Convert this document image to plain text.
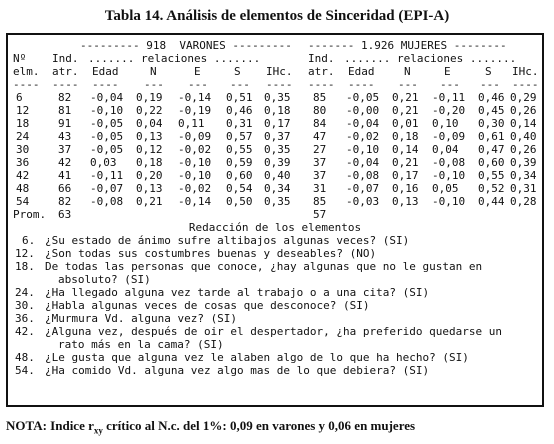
Tabla 14. Análisis de elementos de Sinceridad (EPI-A)
--------- 918  VARONES --------- ------- 1.926 MUJERES --------
Nº Ind. ....... relaciones .......	Ind. ....... relaciones .......
elm. atr. Edad	N	E	S IHc. atr. Edad	N	E	S IHc.
---- ---- ---- --- --- --- ---- ---- ---- --- --- --- ----
6	82 -0,04 0,19 -0,14 0,51 0,35 85 -0,05 0,21 -0,11 0,46 0,29
12	81 -0,10 0,22 -0,19 0,46 0,18 80 -0,00 0,21 -0,20 0,45 0,26
18	91 -0,05 0,04 0,11 0,31 0,17 84 -0,04 0,01 0,10 0,30 0,14
24	43 -0,05 0,13 -0,09 0,57 0,37 47 -0,02 0,18 -0,09 0,61 0,40
30	37 -0,05 0,12 -0,02 0,55 0,35 27 -0,10 0,14 0,04 0,47 0,26
36	42 0,03 0,18 -0,10 0,59 0,39 37 -0,04 0,21 -0,08 0,60 0,39
42	41 -0,11 0,20 -0,10 0,60 0,40 37 -0,08 0,17 -0,10 0,55 0,34
48	66 -0,07 0,13 -0,02 0,54 0,34 31 -0,07 0,16 0,05 0,52 0,31
54	82 -0,08 0,21 -0,14 0,50 0,35 85 -0,03 0,13 -0,10 0,44 0,28
Prom. 63	57
Redacción de los elementos
6. ¿Su estado de ánimo sufre altibajos algunas veces? (SI)
12. ¿Son todas sus costumbres buenas y deseables? (NO)
18. De todas las personas que conoce, ¿hay algunas que no le gustan en
absoluto? (SI)
24. ¿Ha llegado alguna vez tarde al trabajo o a una cita? (SI)
30. ¿Habla algunas veces de cosas que desconoce? (SI)
36. ¿Murmura Vd. alguna vez? (SI)
42. ¿Alguna vez, después de oir el despertador, ¿ha preferido quedarse un
rato más en la cama? (SI)
48. ¿Le gusta que alguna vez le alaben algo de lo que ha hecho? (SI)
54. ¿Ha comido Vd. alguna vez algo mas de lo que debiera? (SI)
NOTA: Indice $r_{xy}$ crítico al N.c. del 1%: 0,09 en varones y 0,06 en mujeres
